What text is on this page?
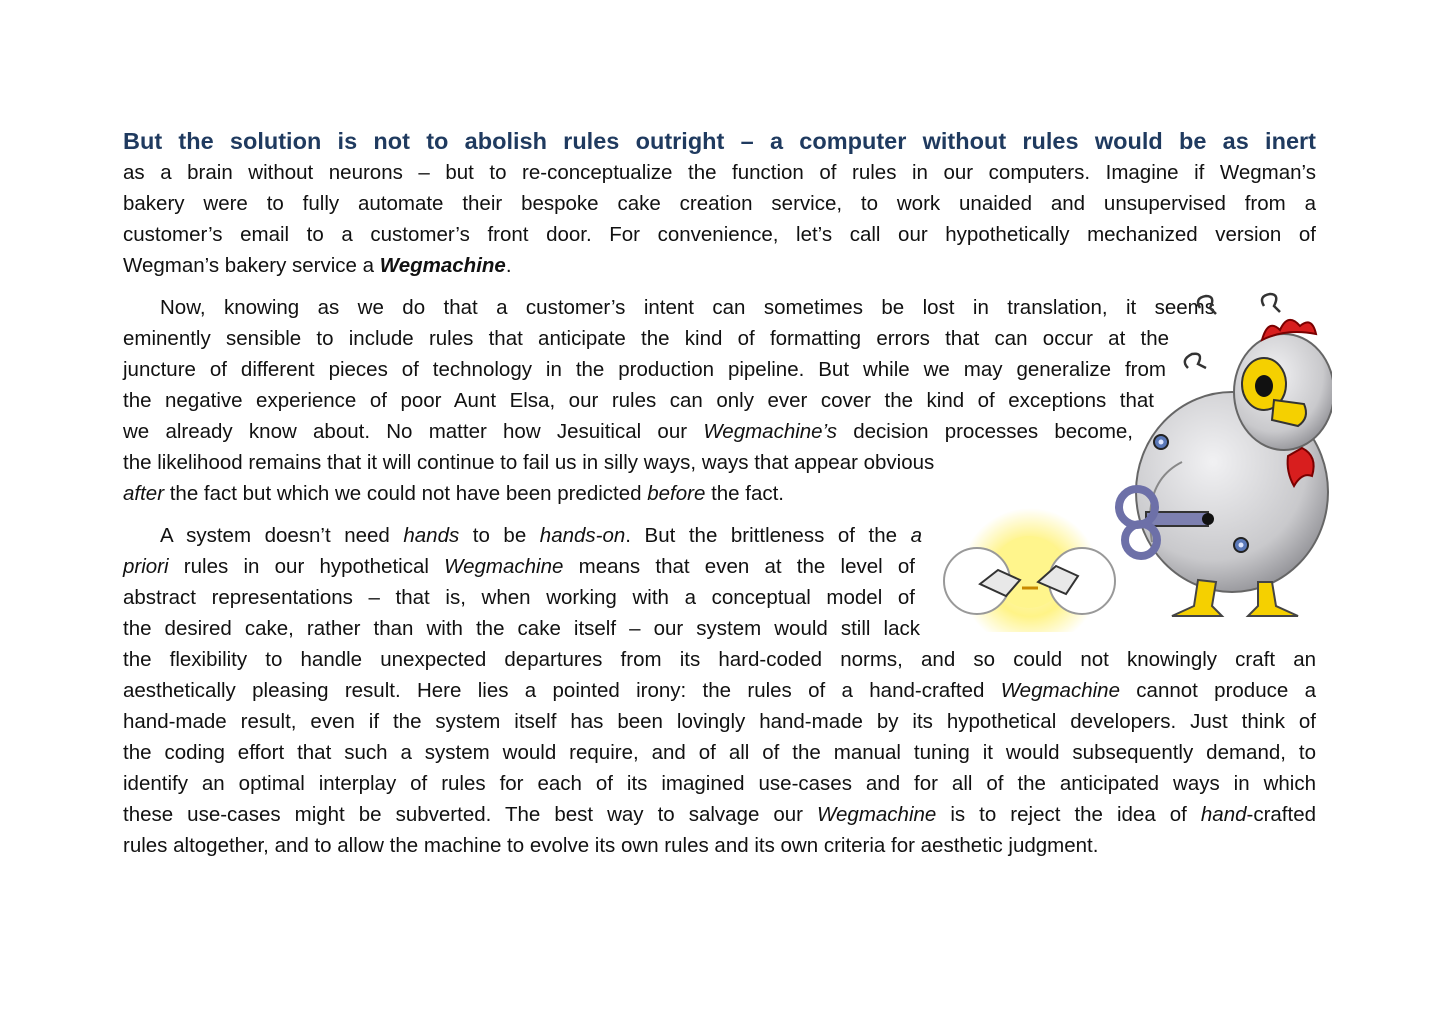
But the solution is not to abolish rules outright – a computer without rules would be as inert
as a brain without neurons – but to re-conceptualize the function of rules in our computers. Imagine if Wegman’s
bakery were to fully automate their bespoke cake creation service, to work unaided and unsupervised from a
customer’s email to a customer’s front door. For convenience, let’s call our hypothetically mechanized version of
Wegman’s bakery service a Wegmachine.
Now, knowing as we do that a customer’s intent can sometimes be lost in translation, it seems
eminently sensible to include rules that anticipate the kind of formatting errors that can occur at the
juncture of different pieces of technology in the production pipeline. But while we may generalize from
the negative experience of poor Aunt Elsa, our rules can only ever cover the kind of exceptions that
we already know about. No matter how Jesuitical our Wegmachine’s decision processes become,
the likelihood remains that it will continue to fail us in silly ways, ways that appear obvious
after the fact but which we could not have been predicted before the fact.
A system doesn’t need hands to be hands-on. But the brittleness of the a
priori rules in our hypothetical Wegmachine means that even at the level of
abstract representations – that is, when working with a conceptual model of
the desired cake, rather than with the cake itself – our system would still lack
the flexibility to handle unexpected departures from its hard-coded norms, and so could not knowingly craft an
aesthetically pleasing result. Here lies a pointed irony: the rules of a hand-crafted Wegmachine cannot produce a
hand-made result, even if the system itself has been lovingly hand-made by its hypothetical developers. Just think of
the coding effort that such a system would require, and of all of the manual tuning it would subsequently demand, to
identify an optimal interplay of rules for each of its imagined use-cases and for all of the anticipated ways in which
these use-cases might be subverted. The best way to salvage our Wegmachine is to reject the idea of hand-crafted
rules altogether, and to allow the machine to evolve its own rules and its own criteria for aesthetic judgment.
